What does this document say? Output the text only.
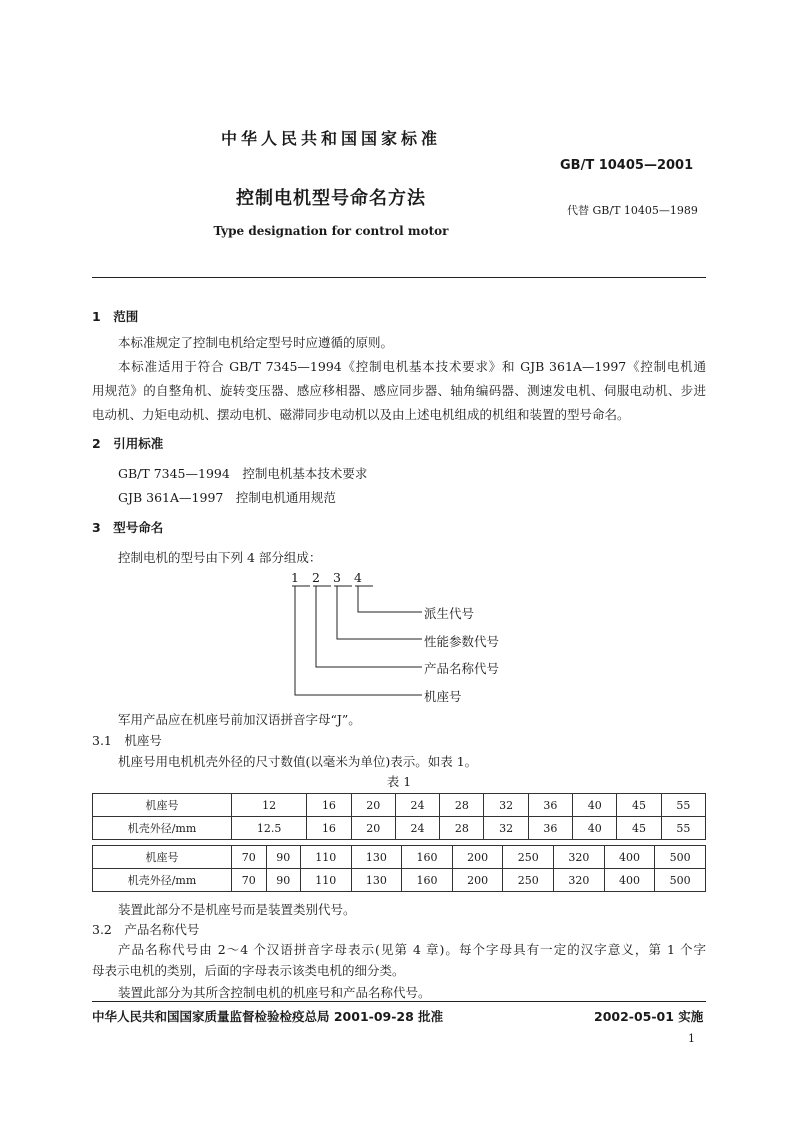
中华人民共和国国家标准
GB/T 10405—2001
控制电机型号命名方法
代替 GB/T 10405—1989
Type designation for control motor
1　范围
本标准规定了控制电机给定型号时应遵循的原则。
本标准适用于符合 GB/T 7345—1994《控制电机基本技术要求》和 GJB 361A—1997《控制电机通
用规范》的自整角机、旋转变压器、感应移相器、感应同步器、轴角编码器、测速发电机、伺服电动机、步进
电动机、力矩电动机、摆动电机、磁滞同步电动机以及由上述电机组成的机组和装置的型号命名。
2　引用标准
GB/T 7345—1994　控制电机基本技术要求
GJB 361A—1997　控制电机通用规范
3　型号命名
控制电机的型号由下列 4 部分组成：
1 2 3 4
派生代号
性能参数代号
产品名称代号
机座号
军用产品应在机座号前加汉语拼音字母“J”。
3.1　机座号
机座号用电机机壳外径的尺寸数值(以毫米为单位)表示。如表 1。
表 1
机座号	12	16	20	24	28	32	36	40	45	55
机壳外径/mm	12.5	16	20	24	28	32	36	40	45	55
机座号	70	90	110	130	160	200	250	320	400	500
机壳外径/mm	70	90	110	130	160	200	250	320	400	500
装置此部分不是机座号而是装置类别代号。
3.2　产品名称代号
产品名称代号由 2～4 个汉语拼音字母表示(见第 4 章)。每个字母具有一定的汉字意义，第 1 个字
母表示电机的类别，后面的字母表示该类电机的细分类。
装置此部分为其所含控制电机的机座号和产品名称代号。
中华人民共和国国家质量监督检验检疫总局 2001-09-28 批准	2002-05-01 实施
1
